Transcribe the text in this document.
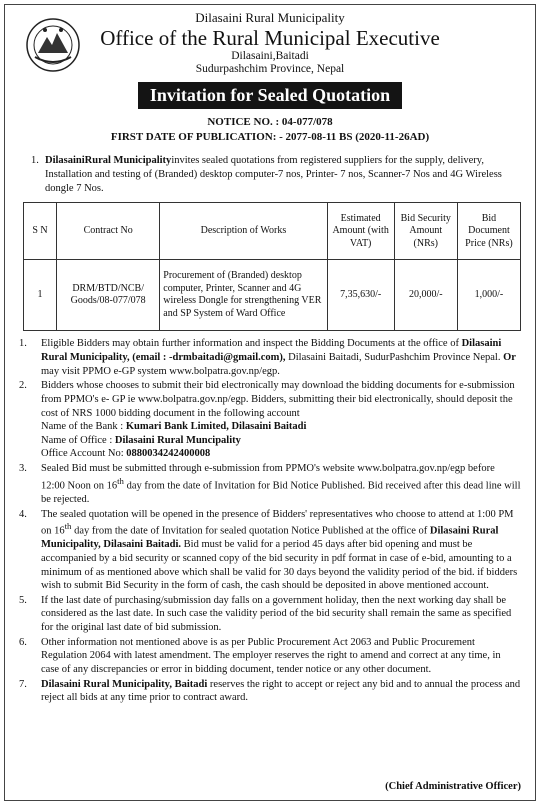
Dilasaini Rural Municipality
Office of the Rural Municipal Executive
Dilasaini,Baitadi
Sudurpashchim Province, Nepal
Invitation for Sealed Quotation
NOTICE NO. : 04-077/078
FIRST DATE OF PUBLICATION: - 2077-08-11 BS (2020-11-26AD)
1. DilasainiRural Municipalityinvites sealed quotations from registered suppliers for the supply, delivery, Installation and testing of (Branded) desktop computer-7 nos, Printer- 7 nos, Scanner-7 Nos and 4G Wireless dongle 7 Nos.
S N	Contract No	Description of Works	Estimated Amount (with VAT)	Bid Security Amount (NRs)	Bid Document Price (NRs)
1	DRM/BTD/NCB/ Goods/08-077/078	Procurement of (Branded) desktop computer, Printer, Scanner and 4G wireless Dongle for strengthening VER and SP System of Ward Office	7,35,630/-	20,000/-	1,000/-
1. Eligible Bidders may obtain further information and inspect the Bidding Documents at the office of Dilasaini Rural Municipality, (email : -drmbaitadi@gmail.com), Dilasaini Baitadi, SudurPashchim Province Nepal. Or may visit PPMO e-GP system www.bolpatra.gov.np/egp.
2. Bidders whose chooses to submit their bid electronically may download the bidding documents for e-submission from PPMO's e- GP ie www.bolpatra.gov.np/egp. Bidders, submitting their bid electronically, should deposit the cost of NRS 1000 bidding document in the following account
Name of the Bank : Kumari Bank Limited, Dilasaini Baitadi
Name of Office : Dilasaini Rural Muncipality
Office Account No: 0880034242400008
3. Sealed Bid must be submitted through e-submission from PPMO's website www.bolpatra.gov.np/egp before 12:00 Noon on 16th day from the date of Invitation for Bid Notice Published. Bid received after this dead line will be rejected.
4. The sealed quotation will be opened in the presence of Bidders' representatives who choose to attend at 1:00 PM on 16th day from the date of Invitation for sealed quotation Notice Published at the office of Dilasaini Rural Municipality, Dilasaini Baitadi. Bid must be valid for a period 45 days after bid opening and must be accompanied by a bid security or scanned copy of the bid security in pdf format in case of e-bid, amounting to a minimum of as mentioned above which shall be valid for 30 days beyond the validity period of the bid. if bidders wish to submit Bid Security in the form of cash, the cash should be deposited in above mentioned account.
5. If the last date of purchasing/submission day falls on a government holiday, then the next working day shall be considered as the last date. In such case the validity period of the bid security shall remain the same as specified for the original last date of bid submission.
6. Other information not mentioned above is as per Public Procurement Act 2063 and Public Procurement Regulation 2064 with latest amendment. The employer reserves the right to amend and correct at any time, in case of any discrepancies or error in bidding document, tender notice or any other document.
7. Dilasaini Rural Municipality, Baitadi reserves the right to accept or reject any bid and to annual the process and reject all bids at any time prior to contract award.
(Chief Administrative Officer)
